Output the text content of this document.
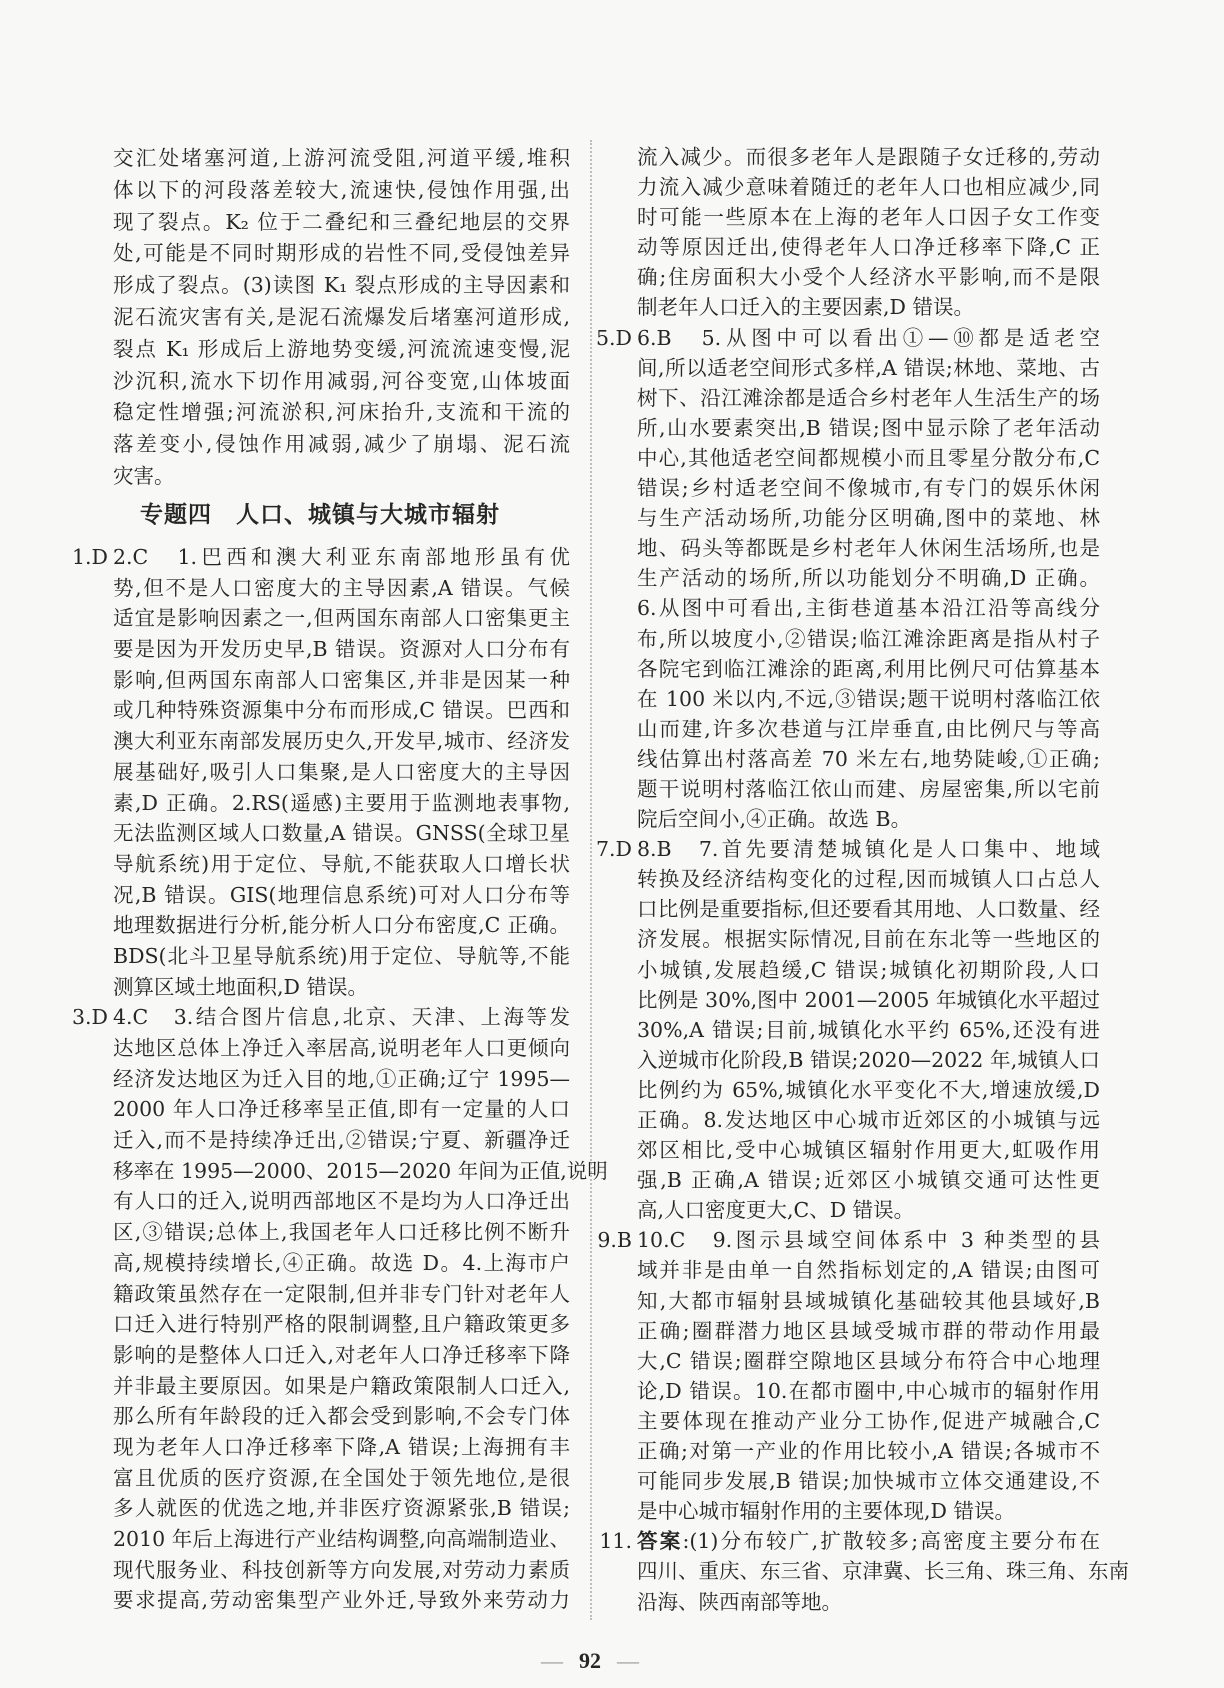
交汇处堵塞河道,上游河流受阻,河道平缓,堆积
体以下的河段落差较大,流速快,侵蚀作用强,出
现了裂点。K₂ 位于二叠纪和三叠纪地层的交界
处,可能是不同时期形成的岩性不同,受侵蚀差异
形成了裂点。(3)读图 K₁ 裂点形成的主导因素和
泥石流灾害有关,是泥石流爆发后堵塞河道形成,
裂点 K₁ 形成后上游地势变缓,河流流速变慢,泥
沙沉积,流水下切作用减弱,河谷变宽,山体坡面
稳定性增强;河流淤积,河床抬升,支流和干流的
落差变小,侵蚀作用减弱,减少了崩塌、泥石流
灾害。
专题四　人口、城镇与大城市辐射
1.D 2.C　1.巴西和澳大利亚东南部地形虽有优
势,但不是人口密度大的主导因素,A 错误。气候
适宜是影响因素之一,但两国东南部人口密集更主
要是因为开发历史早,B 错误。资源对人口分布有
影响,但两国东南部人口密集区,并非是因某一种
或几种特殊资源集中分布而形成,C 错误。巴西和
澳大利亚东南部发展历史久,开发早,城市、经济发
展基础好,吸引人口集聚,是人口密度大的主导因
素,D 正确。2.RS(遥感)主要用于监测地表事物,
无法监测区域人口数量,A 错误。GNSS(全球卫星
导航系统)用于定位、导航,不能获取人口增长状
况,B 错误。GIS(地理信息系统)可对人口分布等
地理数据进行分析,能分析人口分布密度,C 正确。
BDS(北斗卫星导航系统)用于定位、导航等,不能
测算区域土地面积,D 错误。
3.D 4.C　3.结合图片信息,北京、天津、上海等发
达地区总体上净迁入率居高,说明老年人口更倾向
经济发达地区为迁入目的地,①正确;辽宁 1995—
2000 年人口净迁移率呈正值,即有一定量的人口
迁入,而不是持续净迁出,②错误;宁夏、新疆净迁
移率在 1995—2000、2015—2020 年间为正值,说明
有人口的迁入,说明西部地区不是均为人口净迁出
区,③错误;总体上,我国老年人口迁移比例不断升
高,规模持续增长,④正确。故选 D。4.上海市户
籍政策虽然存在一定限制,但并非专门针对老年人
口迁入进行特别严格的限制调整,且户籍政策更多
影响的是整体人口迁入,对老年人口净迁移率下降
并非最主要原因。如果是户籍政策限制人口迁入,
那么所有年龄段的迁入都会受到影响,不会专门体
现为老年人口净迁移率下降,A 错误;上海拥有丰
富且优质的医疗资源,在全国处于领先地位,是很
多人就医的优选之地,并非医疗资源紧张,B 错误;
2010 年后上海进行产业结构调整,向高端制造业、
现代服务业、科技创新等方向发展,对劳动力素质
要求提高,劳动密集型产业外迁,导致外来劳动力
流入减少。而很多老年人是跟随子女迁移的,劳动
力流入减少意味着随迁的老年人口也相应减少,同
时可能一些原本在上海的老年人口因子女工作变
动等原因迁出,使得老年人口净迁移率下降,C 正
确;住房面积大小受个人经济水平影响,而不是限
制老年人口迁入的主要因素,D 错误。
5.D 6.B　5.从图中可以看出①—⑩都是适老空
间,所以适老空间形式多样,A 错误;林地、菜地、古
树下、沿江滩涂都是适合乡村老年人生活生产的场
所,山水要素突出,B 错误;图中显示除了老年活动
中心,其他适老空间都规模小而且零星分散分布,C
错误;乡村适老空间不像城市,有专门的娱乐休闲
与生产活动场所,功能分区明确,图中的菜地、林
地、码头等都既是乡村老年人休闲生活场所,也是
生产活动的场所,所以功能划分不明确,D 正确。
6.从图中可看出,主街巷道基本沿江沿等高线分
布,所以坡度小,②错误;临江滩涂距离是指从村子
各院宅到临江滩涂的距离,利用比例尺可估算基本
在 100 米以内,不远,③错误;题干说明村落临江依
山而建,许多次巷道与江岸垂直,由比例尺与等高
线估算出村落高差 70 米左右,地势陡峻,①正确;
题干说明村落临江依山而建、房屋密集,所以宅前
院后空间小,④正确。故选 B。
7.D 8.B　7.首先要清楚城镇化是人口集中、地域
转换及经济结构变化的过程,因而城镇人口占总人
口比例是重要指标,但还要看其用地、人口数量、经
济发展。根据实际情况,目前在东北等一些地区的
小城镇,发展趋缓,C 错误;城镇化初期阶段,人口
比例是 30%,图中 2001—2005 年城镇化水平超过
30%,A 错误;目前,城镇化水平约 65%,还没有进
入逆城市化阶段,B 错误;2020—2022 年,城镇人口
比例约为 65%,城镇化水平变化不大,增速放缓,D
正确。8.发达地区中心城市近郊区的小城镇与远
郊区相比,受中心城镇区辐射作用更大,虹吸作用
强,B 正确,A 错误;近郊区小城镇交通可达性更
高,人口密度更大,C、D 错误。
9.B 10.C　9.图示县域空间体系中 3 种类型的县
域并非是由单一自然指标划定的,A 错误;由图可
知,大都市辐射县域城镇化基础较其他县域好,B
正确;圈群潜力地区县域受城市群的带动作用最
大,C 错误;圈群空隙地区县域分布符合中心地理
论,D 错误。10.在都市圈中,中心城市的辐射作用
主要体现在推动产业分工协作,促进产城融合,C
正确;对第一产业的作用比较小,A 错误;各城市不
可能同步发展,B 错误;加快城市立体交通建设,不
是中心城市辐射作用的主要体现,D 错误。
11. 答案:(1)分布较广,扩散较多;高密度主要分布在
四川、重庆、东三省、京津冀、长三角、珠三角、东南
沿海、陕西南部等地。
— 92 —
